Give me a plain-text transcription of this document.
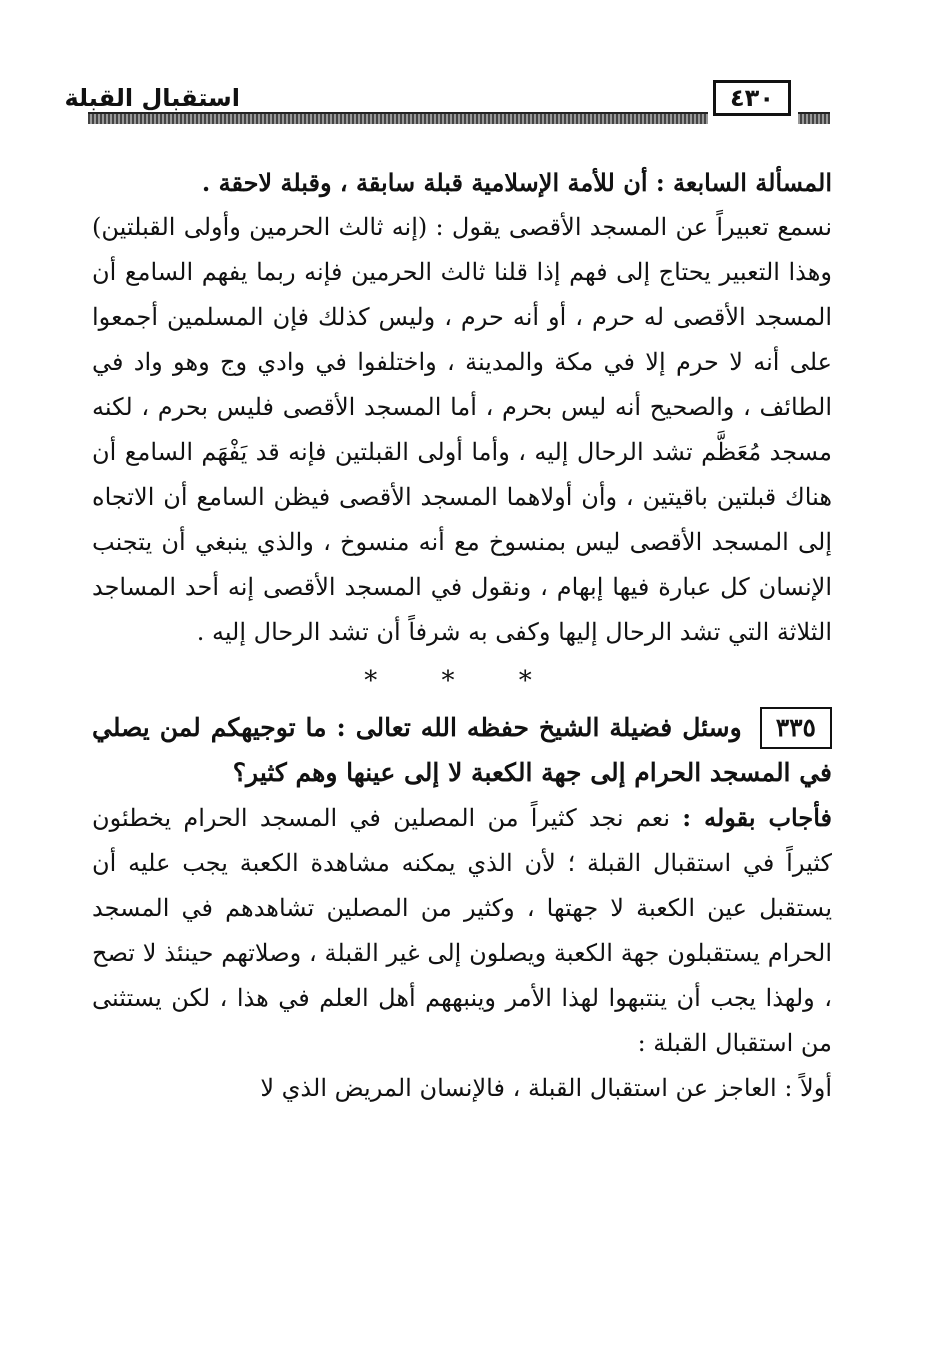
استقبال القبلة	٤٣٠

المسألة السابعة : أن للأمة الإسلامية قبلة سابقة ، وقبلة لاحقة .

نسمع تعبيراً عن المسجد الأقصى يقول : (إنه ثالث الحرمين وأولى القبلتين) وهذا التعبير يحتاج إلى فهم إذا قلنا ثالث الحرمين فإنه ربما يفهم السامع أن المسجد الأقصى له حرم ، أو أنه حرم ، وليس كذلك فإن المسلمين أجمعوا على أنه لا حرم إلا في مكة والمدينة ، واختلفوا في وادي وج وهو واد في الطائف ، والصحيح أنه ليس بحرم ، أما المسجد الأقصى فليس بحرم ، لكنه مسجد مُعَظَّم تشد الرحال إليه ، وأما أولى القبلتين فإنه قد يَفْهَم السامع أن هناك قبلتين باقيتين ، وأن أولاهما المسجد الأقصى فيظن السامع أن الاتجاه إلى المسجد الأقصى ليس بمنسوخ مع أنه منسوخ ، والذي ينبغي أن يتجنب الإنسان كل عبارة فيها إبهام ، ونقول في المسجد الأقصى إنه أحد المساجد الثلاثة التي تشد الرحال إليها وكفى به شرفاً أن تشد الرحال إليه .

* * *

٣٣٥وسئل فضيلة الشيخ حفظه الله تعالى : ما توجيهكم لمن يصلي في المسجد الحرام إلى جهة الكعبة لا إلى عينها وهم كثير؟

فأجاب بقوله : نعم نجد كثيراً من المصلين في المسجد الحرام يخطئون كثيراً في استقبال القبلة ؛ لأن الذي يمكنه مشاهدة الكعبة يجب عليه أن يستقبل عين الكعبة لا جهتها ، وكثير من المصلين تشاهدهم في المسجد الحرام يستقبلون جهة الكعبة ويصلون إلى غير القبلة ، وصلاتهم حينئذ لا تصح ، ولهذا يجب أن ينتبهوا لهذا الأمر وينبههم أهل العلم في هذا ، لكن يستثنى من استقبال القبلة :

أولاً : العاجز عن استقبال القبلة ، فالإنسان المريض الذي لا
